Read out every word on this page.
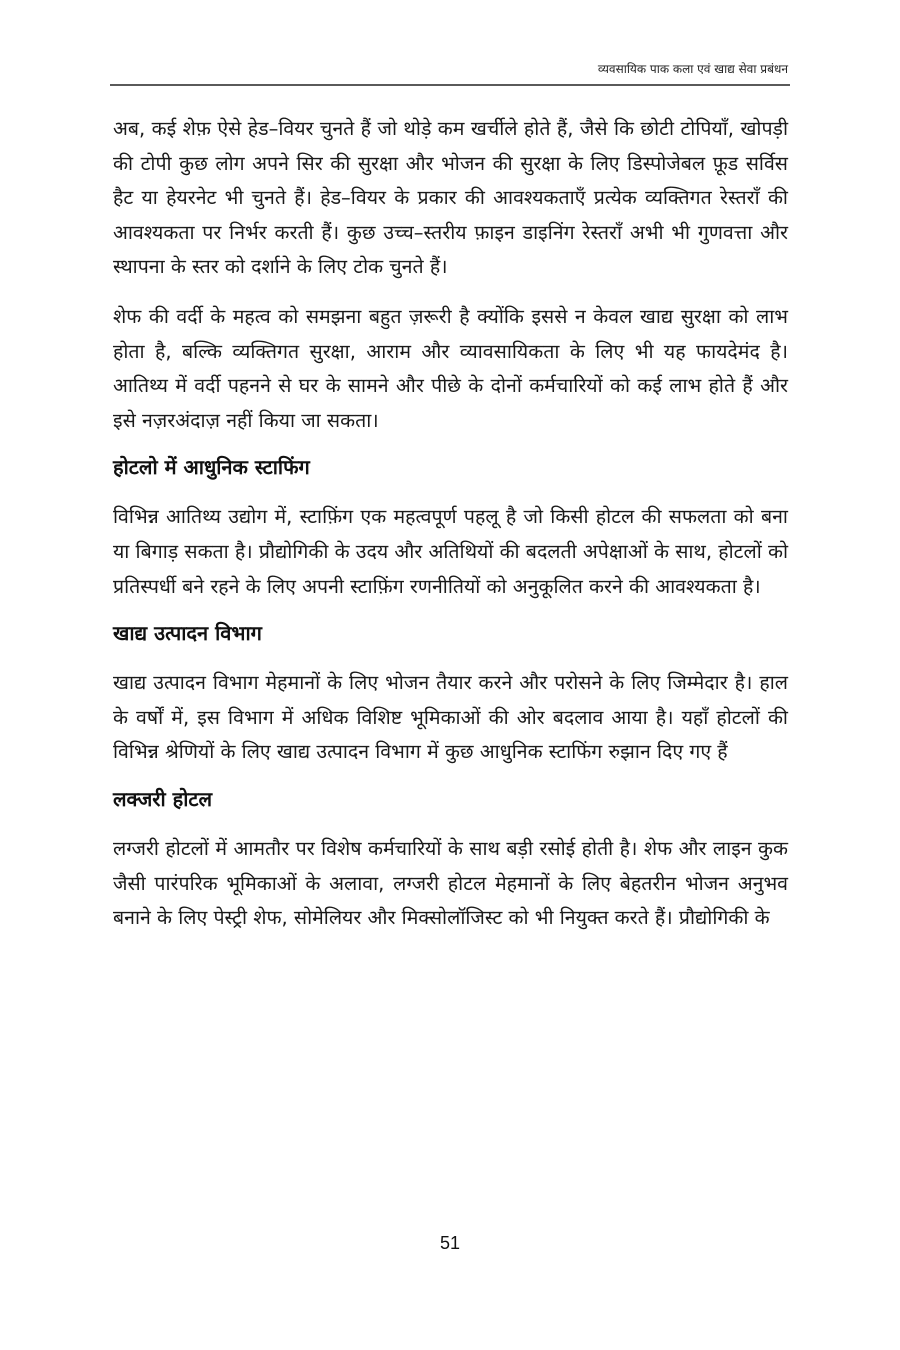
व्यवसायिक पाक कला एवं खाद्य सेवा प्रबंधन

अब, कई शेफ़ ऐसे हेड–वियर चुनते हैं जो थोड़े कम खर्चीले होते हैं, जैसे कि छोटी टोपियाँ, खोपड़ी की टोपी कुछ लोग अपने सिर की सुरक्षा और भोजन की सुरक्षा के लिए डिस्पोजेबल फ़ूड सर्विस हैट या हेयरनेट भी चुनते हैं। हेड–वियर के प्रकार की आवश्यकताएँ प्रत्येक व्यक्तिगत रेस्तराँ की आवश्यकता पर निर्भर करती हैं। कुछ उच्च–स्तरीय फ़ाइन डाइनिंग रेस्तराँ अभी भी गुणवत्ता और स्थापना के स्तर को दर्शाने के लिए टोक चुनते हैं।

शेफ की वर्दी के महत्व को समझना बहुत ज़रूरी है क्योंकि इससे न केवल खाद्य सुरक्षा को लाभ होता है, बल्कि व्यक्तिगत सुरक्षा, आराम और व्यावसायिकता के लिए भी यह फायदेमंद है। आतिथ्य में वर्दी पहनने से घर के सामने और पीछे के दोनों कर्मचारियों को कई लाभ होते हैं और इसे नज़रअंदाज़ नहीं किया जा सकता।

होटलो में आधुनिक स्टाफिंग

विभिन्न आतिथ्य उद्योग में, स्टाफ़िंग एक महत्वपूर्ण पहलू है जो किसी होटल की सफलता को बना या बिगाड़ सकता है। प्रौद्योगिकी के उदय और अतिथियों की बदलती अपेक्षाओं के साथ, होटलों को प्रतिस्पर्धी बने रहने के लिए अपनी स्टाफ़िंग रणनीतियों को अनुकूलित करने की आवश्यकता है।

खाद्य उत्पादन विभाग

खाद्य उत्पादन विभाग मेहमानों के लिए भोजन तैयार करने और परोसने के लिए जिम्मेदार है। हाल के वर्षों में, इस विभाग में अधिक विशिष्ट भूमिकाओं की ओर बदलाव आया है। यहाँ होटलों की विभिन्न श्रेणियों के लिए खाद्य उत्पादन विभाग में कुछ आधुनिक स्टाफिंग रुझान दिए गए हैं

लक्जरी होटल

लग्जरी होटलों में आमतौर पर विशेष कर्मचारियों के साथ बड़ी रसोई होती है। शेफ और लाइन कुक जैसी पारंपरिक भूमिकाओं के अलावा, लग्जरी होटल मेहमानों के लिए बेहतरीन भोजन अनुभव बनाने के लिए पेस्ट्री शेफ, सोमेलियर और मिक्सोलॉजिस्ट को भी नियुक्त करते हैं। प्रौद्योगिकी के

51
